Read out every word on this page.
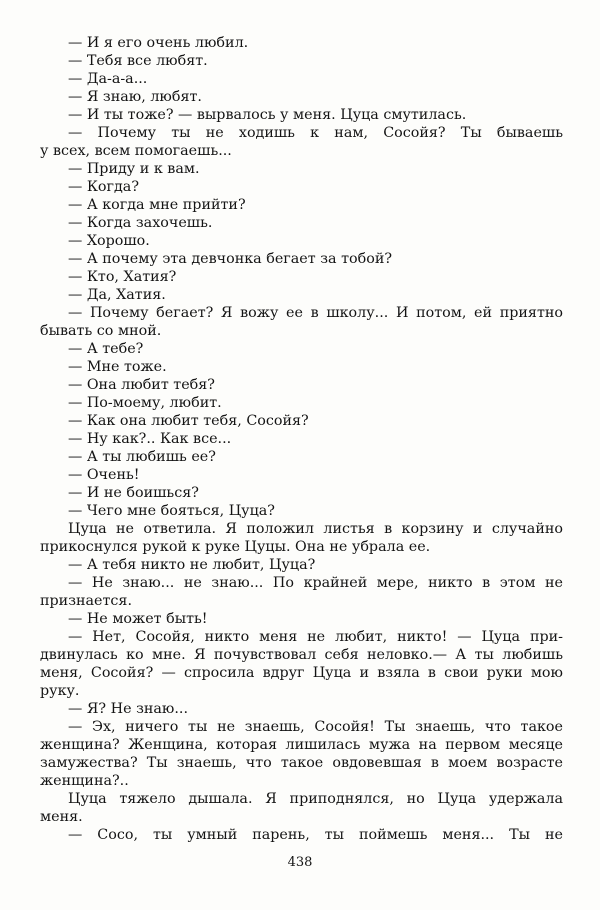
— И я его очень любил.
— Тебя все любят.
— Да-а-а...
— Я знаю, любят.
— И ты тоже? — вырвалось у меня. Цуца смутилась.
— Почему ты не ходишь к нам, Сосойя? Ты бываешь
у всех, всем помогаешь...
— Приду и к вам.
— Когда?
— А когда мне прийти?
— Когда захочешь.
— Хорошо.
— А почему эта девчонка бегает за тобой?
— Кто, Хатия?
— Да, Хатия.
— Почему бегает? Я вожу ее в школу... И потом, ей приятно
бывать со мной.
— А тебе?
— Мне тоже.
— Она любит тебя?
— По-моему, любит.
— Как она любит тебя, Сосойя?
— Ну как?.. Как все...
— А ты любишь ее?
— Очень!
— И не боишься?
— Чего мне бояться, Цуца?
Цуца не ответила. Я положил листья в корзину и случайно
прикоснулся рукой к руке Цуцы. Она не убрала ее.
— А тебя никто не любит, Цуца?
— Не знаю... не знаю... По крайней мере, никто в этом не
признается.
— Не может быть!
— Нет, Сосойя, никто меня не любит, никто! — Цуца при-
двинулась ко мне. Я почувствовал себя неловко.— А ты любишь
меня, Сосойя? — спросила вдруг Цуца и взяла в свои руки мою
руку.
— Я? Не знаю...
— Эх, ничего ты не знаешь, Сосойя! Ты знаешь, что такое
женщина? Женщина, которая лишилась мужа на первом месяце
замужества? Ты знаешь, что такое овдовевшая в моем возрасте
женщина?..
Цуца тяжело дышала. Я приподнялся, но Цуца удержала
меня.
— Сосо, ты умный парень, ты поймешь меня... Ты не
438
